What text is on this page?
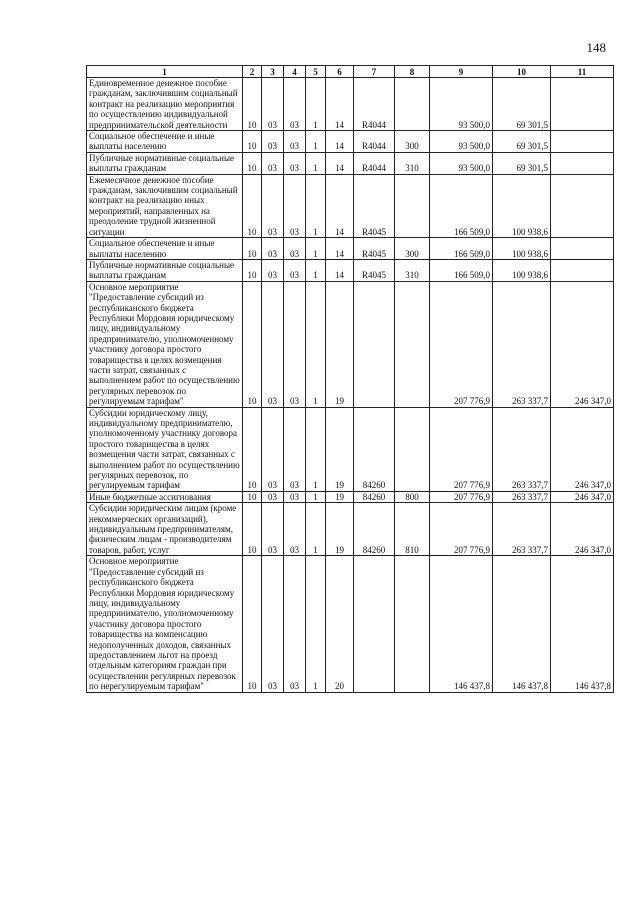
148
1	2	3	4	5	6	7	8	9	10	11
Единовременное денежное пособие гражданам, заключившим социальный контракт на реализацию мероприятия по осуществлению индивидуальной предпринимательской деятельности	10	03	03	1	14	R4044		93 500,0	69 301,5	
Социальное обеспечение и иные выплаты населению	10	03	03	1	14	R4044	300	93 500,0	69 301,5	
Публичные нормативные социальные выплаты гражданам	10	03	03	1	14	R4044	310	93 500,0	69 301,5	
Ежемесячное денежное пособие гражданам, заключившим социальный контракт на реализацию иных мероприятий, направленных на преодоление трудной жизненной ситуации	10	03	03	1	14	R4045		166 509,0	100 938,6	
Социальное обеспечение и иные выплаты населению	10	03	03	1	14	R4045	300	166 509,0	100 938,6	
Публичные нормативные социальные выплаты гражданам	10	03	03	1	14	R4045	310	166 509,0	100 938,6	
Основное мероприятие "Предоставление субсидий из республиканского бюджета Республики Мордовия юридическому лицу, индивидуальному предпринимателю, уполномоченному участнику договора простого товарищества в целях возмещения части затрат, связанных с выполнением работ по осуществлению регулярных перевозок по регулируемым тарифам"	10	03	03	1	19			207 776,9	263 337,7	246 347,0
Субсидии юридическому лицу, индивидуальному предпринимателю, уполномоченному участнику договора простого товарищества в целях возмещения части затрат, связанных с выполнением работ по осуществлению регулярных перевозок, по регулируемым тарифам	10	03	03	1	19	84260		207 776,9	263 337,7	246 347,0
Иные бюджетные ассигнования	10	03	03	1	19	84260	800	207 776,9	263 337,7	246 347,0
Субсидии юридическим лицам (кроме некоммерческих организаций), индивидуальным предпринимателям, физическим лицам - производителям товаров, работ, услуг	10	03	03	1	19	84260	810	207 776,9	263 337,7	246 347,0
Основное мероприятие "Предоставление субсидий из республиканского бюджета Республики Мордовия юридическому лицу, индивидуальному предпринимателю, уполномоченному участнику договора простого товарищества на компенсацию недополученных доходов, связанных предоставлением льгот на проезд отдельным категориям граждан при осуществлении регулярных перевозок по нерегулируемым тарифам"	10	03	03	1	20			146 437,8	146 437,8	146 437,8
